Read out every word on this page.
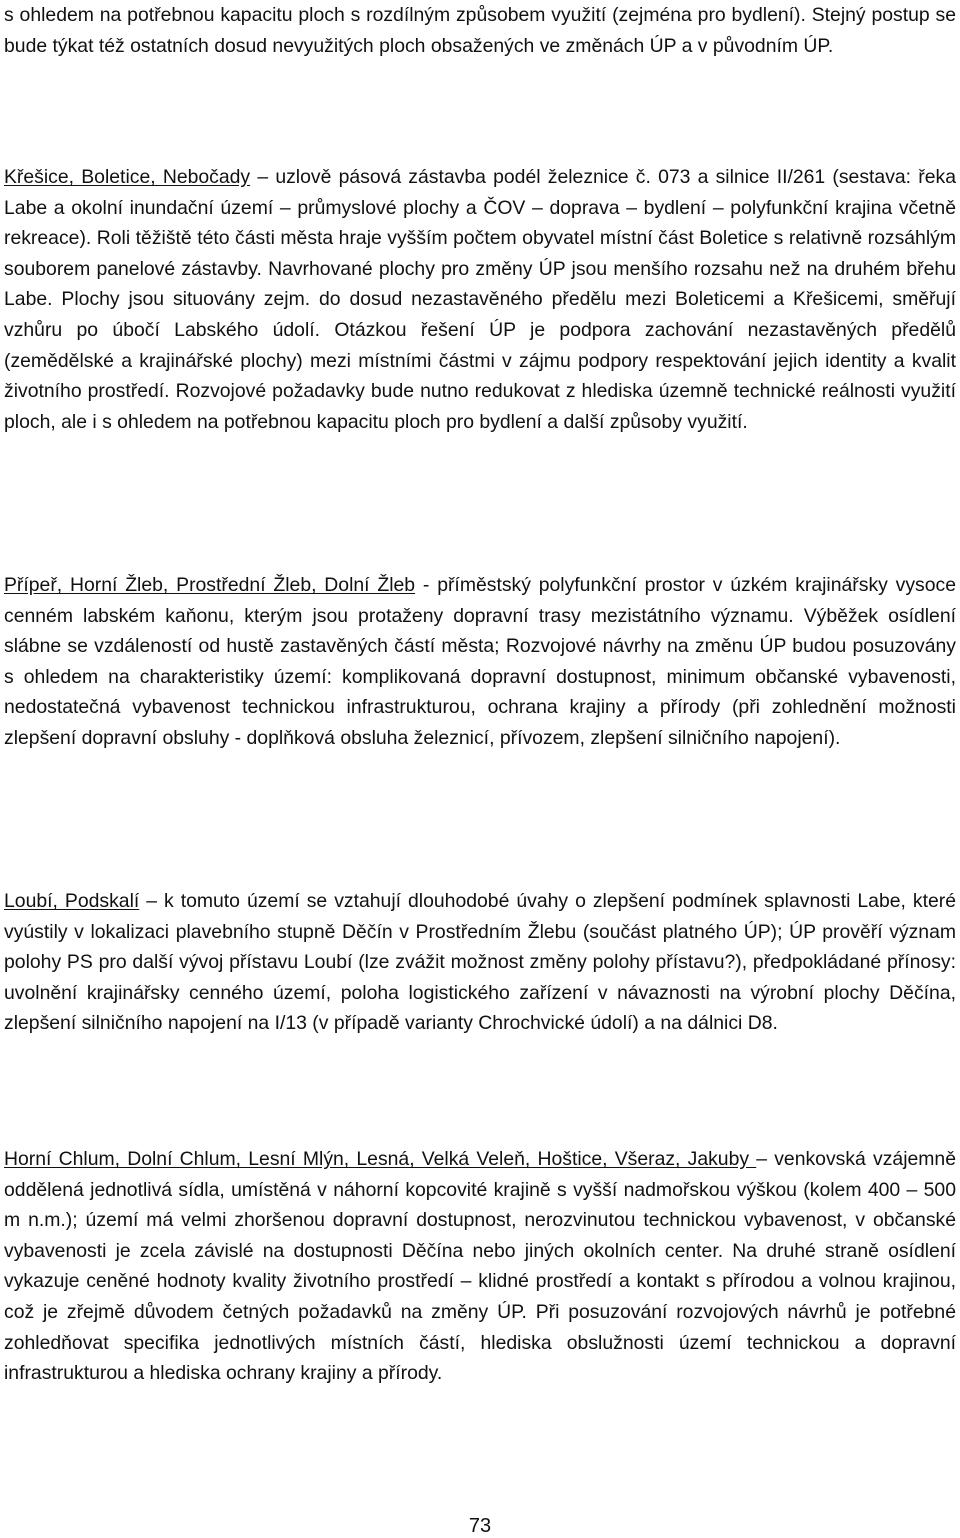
s ohledem na potřebnou kapacitu ploch s rozdílným způsobem využití (zejména pro bydlení). Stejný postup se bude týkat též ostatních dosud nevyužitých ploch obsažených ve změnách ÚP a v původním ÚP.

Křešice, Boletice, Nebočady – uzlově pásová zástavba podél železnice č. 073 a silnice II/261 (sestava: řeka Labe a okolní inundační území – průmyslové plochy a ČOV – doprava – bydlení – polyfunkční krajina včetně rekreace). Roli těžiště této části města hraje vyšším počtem obyvatel místní část Boletice s relativně rozsáhlým souborem panelové zástavby. Navrhované plochy pro změny ÚP jsou menšího rozsahu než na druhém břehu Labe. Plochy jsou situovány zejm. do dosud nezastavěného předělu mezi Boleticemi a Křešicemi, směřují vzhůru po úbočí Labského údolí. Otázkou řešení ÚP je podpora zachování nezastavěných předělů (zemědělské a krajinářské plochy) mezi místními částmi v zájmu podpory respektování jejich identity a kvalit životního prostředí. Rozvojové požadavky bude nutno redukovat z hlediska územně technické reálnosti využití ploch, ale i s ohledem na potřebnou kapacitu ploch pro bydlení a další způsoby využití.

Přípeř, Horní Žleb, Prostřední Žleb, Dolní Žleb - příměstský polyfunkční prostor v úzkém krajinářsky vysoce cenném labském kaňonu, kterým jsou protaženy dopravní trasy mezistátního významu. Výběžek osídlení slábne se vzdáleností od hustě zastavěných částí města; Rozvojové návrhy na změnu ÚP budou posuzovány s ohledem na charakteristiky území: komplikovaná dopravní dostupnost, minimum občanské vybavenosti, nedostatečná vybavenost technickou infrastrukturou, ochrana krajiny a přírody (při zohlednění možnosti zlepšení dopravní obsluhy - doplňková obsluha železnicí, přívozem, zlepšení silničního napojení).

Loubí, Podskalí – k tomuto území se vztahují dlouhodobé úvahy o zlepšení podmínek splavnosti Labe, které vyústily v lokalizaci plavebního stupně Děčín v Prostředním Žlebu (součást platného ÚP); ÚP prověří význam polohy PS pro další vývoj přístavu Loubí (lze zvážit možnost změny polohy přístavu?), předpokládané přínosy: uvolnění krajinářsky cenného území, poloha logistického zařízení v návaznosti na výrobní plochy Děčína, zlepšení silničního napojení na I/13 (v případě varianty Chrochvické údolí) a na dálnici D8.

Horní Chlum, Dolní Chlum, Lesní Mlýn, Lesná, Velká Veleň, Hoštice, Všeraz, Jakuby – venkovská vzájemně oddělená jednotlivá sídla, umístěná v náhorní kopcovité krajině s vyšší nadmořskou výškou (kolem 400 – 500 m n.m.); území má velmi zhoršenou dopravní dostupnost, nerozvinutou technickou vybavenost, v občanské vybavenosti je zcela závislé na dostupnosti Děčína nebo jiných okolních center. Na druhé straně osídlení vykazuje ceněné hodnoty kvality životního prostředí – klidné prostředí a kontakt s přírodou a volnou krajinou, což je zřejmě důvodem četných požadavků na změny ÚP. Při posuzování rozvojových návrhů je potřebné zohledňovat specifika jednotlivých místních částí, hlediska obslužnosti území technickou a dopravní infrastrukturou a hlediska ochrany krajiny a přírody.

73
